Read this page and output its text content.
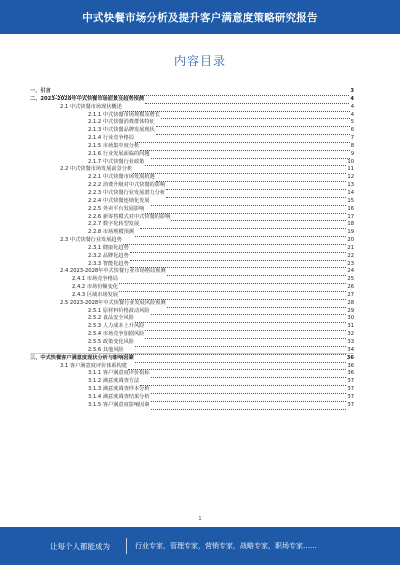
中式快餐市场分析及提升客户满意度策略研究报告
内容目录
一、引言	3
二、2023-2028年中式快餐市场前景及趋势预测	4
2.1 中式快餐市场现状概述	4
2.1.1 中式快餐市场规模及增长	4
2.1.2 中式快餐消费群体特征	5
2.1.3 中式快餐品牌发展现状	6
2.1.4 行业竞争格局	7
2.1.5 市场集中度分析	8
2.1.6 行业发展面临的问题	9
2.1.7 中式快餐行业政策	10
2.2 中式快餐市场发展前景分析	11
2.2.1 中式快餐市场发展机遇	12
2.2.2 消费升级对中式快餐的影响	13
2.2.3 中式快餐行业发展潜力分析	14
2.2.4 中式快餐连锁化发展	15
2.2.5 外卖平台发展影响	16
2.2.6 新零售模式对中式快餐的影响	17
2.2.7 数字化转型发展	18
2.2.8 市场规模预测	19
2.3 中式快餐行业发展趋势	20
2.3.1 健康化趋势	21
2.3.2 品牌化趋势	22
2.3.3 智能化趋势	23
2.4 2023-2028年中式快餐行业市场格局预测	24
2.4.1 市场竞争格局	25
2.4.2 市场份额变化	26
2.4.3 区域市场发展	27
2.5 2023-2028年中式快餐行业发展风险预测	28
2.5.1 原材料价格波动风险	29
2.5.2 食品安全风险	30
2.5.3 人力成本上升风险	31
2.5.4 市场竞争加剧风险	32
2.5.5 政策变化风险	33
2.5.6 其他风险	34
三、中式快餐客户满意度现状分析与影响因素	36
3.1 客户满意度评价体系构建	36
3.1.1 客户满意度评价指标	36
3.1.2 满意度调查方法	37
3.1.3 满意度调查样本分析	37
3.1.4 满意度调查结果分析	37
3.1.5 客户满意度影响因素	37
1
让每个人都能成为	行业专家，管理专家，营销专家，战略专家，职场专家……
